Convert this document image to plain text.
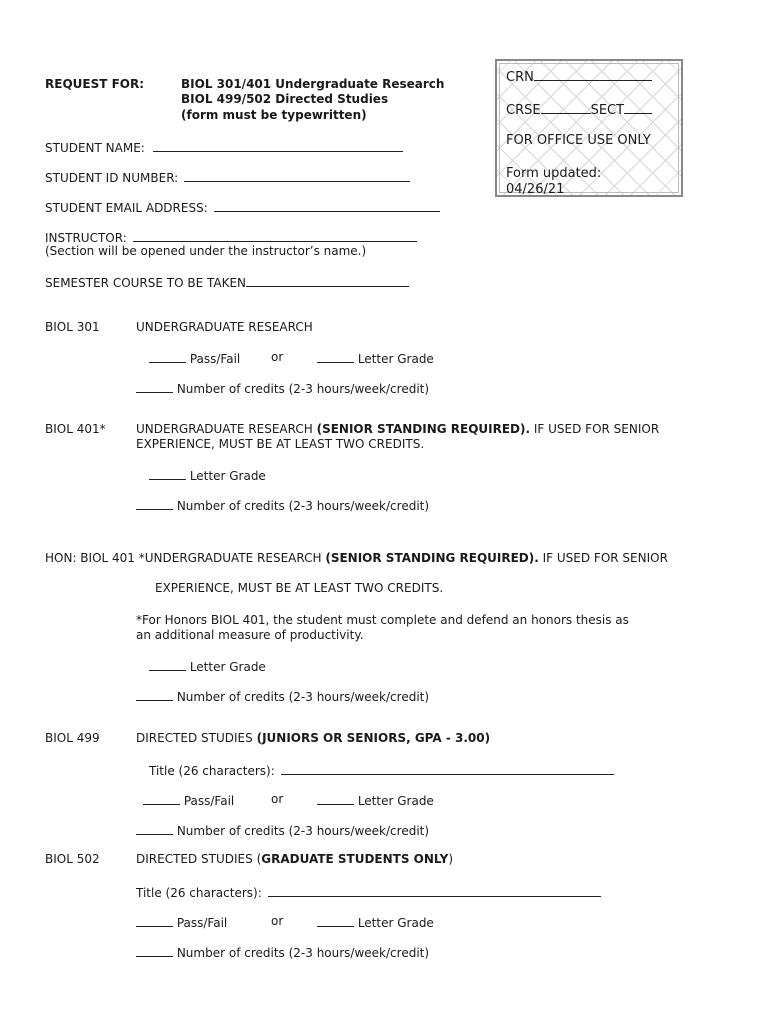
REQUEST FOR:	BIOL 301/401 Undergraduate Research
BIOL 499/502 Directed Studies
(form must be typewritten)
CRN
CRSE	SECT
FOR OFFICE USE ONLY
Form updated:
04/26/21
STUDENT NAME:
STUDENT ID NUMBER:
STUDENT EMAIL ADDRESS:
INSTRUCTOR:
(Section will be opened under the instructor’s name.)
SEMESTER COURSE TO BE TAKEN
BIOL 301	UNDERGRADUATE RESEARCH
Pass/Fail	or	Letter Grade
Number of credits (2-3 hours/week/credit)
BIOL 401*	UNDERGRADUATE RESEARCH (SENIOR STANDING REQUIRED). IF USED FOR SENIOR
EXPERIENCE, MUST BE AT LEAST TWO CREDITS.
Letter Grade
Number of credits (2-3 hours/week/credit)
HON: BIOL 401 *UNDERGRADUATE RESEARCH (SENIOR STANDING REQUIRED). IF USED FOR SENIOR
EXPERIENCE, MUST BE AT LEAST TWO CREDITS.
*For Honors BIOL 401, the student must complete and defend an honors thesis as
an additional measure of productivity.
Letter Grade
Number of credits (2-3 hours/week/credit)
BIOL 499	DIRECTED STUDIES (JUNIORS OR SENIORS, GPA - 3.00)
Title (26 characters):
Pass/Fail	or	Letter Grade
Number of credits (2-3 hours/week/credit)
BIOL 502	DIRECTED STUDIES (GRADUATE STUDENTS ONLY)
Title (26 characters):
Pass/Fail	or	Letter Grade
Number of credits (2-3 hours/week/credit)
